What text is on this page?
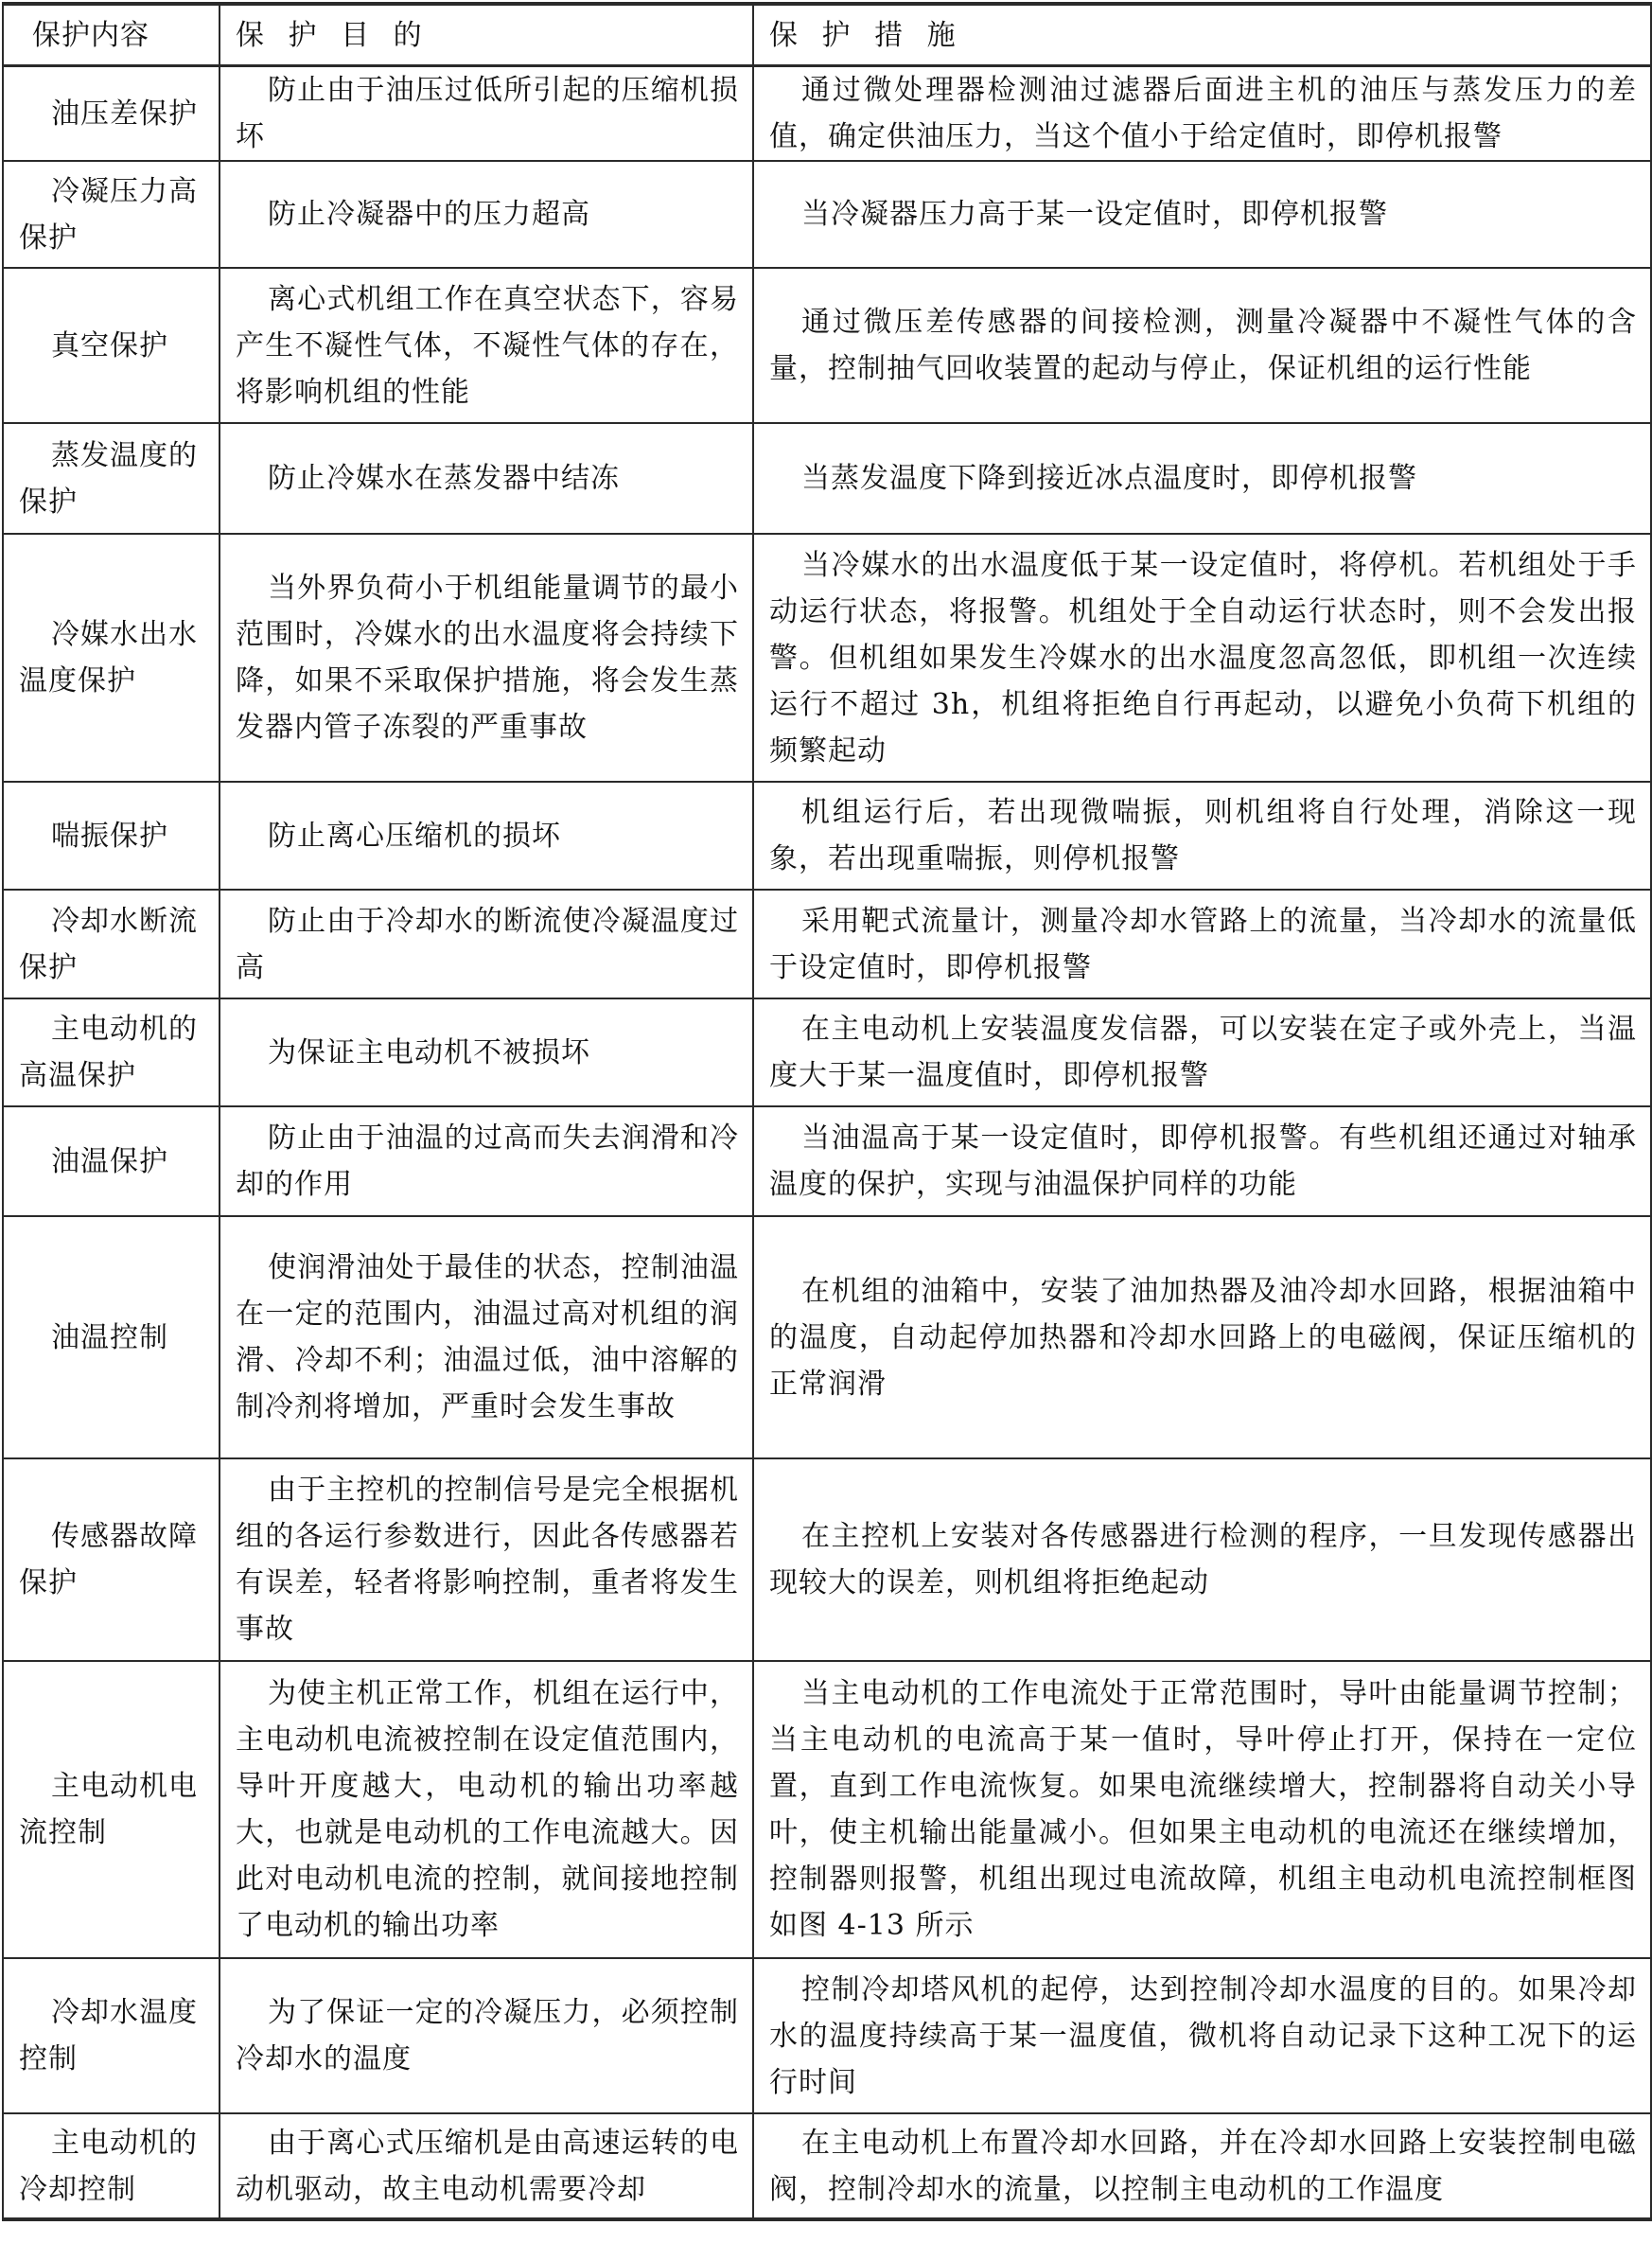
保护内容	保 护 目 的	保 护 措 施
油压差保护	防止由于油压过低所引起的压缩机损坏	通过微处理器检测油过滤器后面进主机的油压与蒸发压力的差值，确定供油压力，当这个值小于给定值时，即停机报警
冷凝压力高保护	防止冷凝器中的压力超高	当冷凝器压力高于某一设定值时，即停机报警
真空保护	离心式机组工作在真空状态下，容易产生不凝性气体，不凝性气体的存在，将影响机组的性能	通过微压差传感器的间接检测，测量冷凝器中不凝性气体的含量，控制抽气回收装置的起动与停止，保证机组的运行性能
蒸发温度的保护	防止冷媒水在蒸发器中结冻	当蒸发温度下降到接近冰点温度时，即停机报警
冷媒水出水温度保护	当外界负荷小于机组能量调节的最小范围时，冷媒水的出水温度将会持续下降，如果不采取保护措施，将会发生蒸发器内管子冻裂的严重事故	当冷媒水的出水温度低于某一设定值时，将停机。若机组处于手动运行状态，将报警。机组处于全自动运行状态时，则不会发出报警。但机组如果发生冷媒水的出水温度忽高忽低，即机组一次连续运行不超过 3h，机组将拒绝自行再起动，以避免小负荷下机组的频繁起动
喘振保护	防止离心压缩机的损坏	机组运行后，若出现微喘振，则机组将自行处理，消除这一现象，若出现重喘振，则停机报警
冷却水断流保护	防止由于冷却水的断流使冷凝温度过高	采用靶式流量计，测量冷却水管路上的流量，当冷却水的流量低于设定值时，即停机报警
主电动机的高温保护	为保证主电动机不被损坏	在主电动机上安装温度发信器，可以安装在定子或外壳上，当温度大于某一温度值时，即停机报警
油温保护	防止由于油温的过高而失去润滑和冷却的作用	当油温高于某一设定值时，即停机报警。有些机组还通过对轴承温度的保护，实现与油温保护同样的功能
油温控制	使润滑油处于最佳的状态，控制油温在一定的范围内，油温过高对机组的润滑、冷却不利；油温过低，油中溶解的制冷剂将增加，严重时会发生事故	在机组的油箱中，安装了油加热器及油冷却水回路，根据油箱中的温度，自动起停加热器和冷却水回路上的电磁阀，保证压缩机的正常润滑
传感器故障保护	由于主控机的控制信号是完全根据机组的各运行参数进行，因此各传感器若有误差，轻者将影响控制，重者将发生事故	在主控机上安装对各传感器进行检测的程序，一旦发现传感器出现较大的误差，则机组将拒绝起动
主电动机电流控制	为使主机正常工作，机组在运行中，主电动机电流被控制在设定值范围内，导叶开度越大，电动机的输出功率越大，也就是电动机的工作电流越大。因此对电动机电流的控制，就间接地控制了电动机的输出功率	当主电动机的工作电流处于正常范围时，导叶由能量调节控制；当主电动机的电流高于某一值时，导叶停止打开，保持在一定位置，直到工作电流恢复。如果电流继续增大，控制器将自动关小导叶，使主机输出能量减小。但如果主电动机的电流还在继续增加，控制器则报警，机组出现过电流故障，机组主电动机电流控制框图如图 4-13 所示
冷却水温度控制	为了保证一定的冷凝压力，必须控制冷却水的温度	控制冷却塔风机的起停，达到控制冷却水温度的目的。如果冷却水的温度持续高于某一温度值，微机将自动记录下这种工况下的运行时间
主电动机的冷却控制	由于离心式压缩机是由高速运转的电动机驱动，故主电动机需要冷却	在主电动机上布置冷却水回路，并在冷却水回路上安装控制电磁阀，控制冷却水的流量，以控制主电动机的工作温度
